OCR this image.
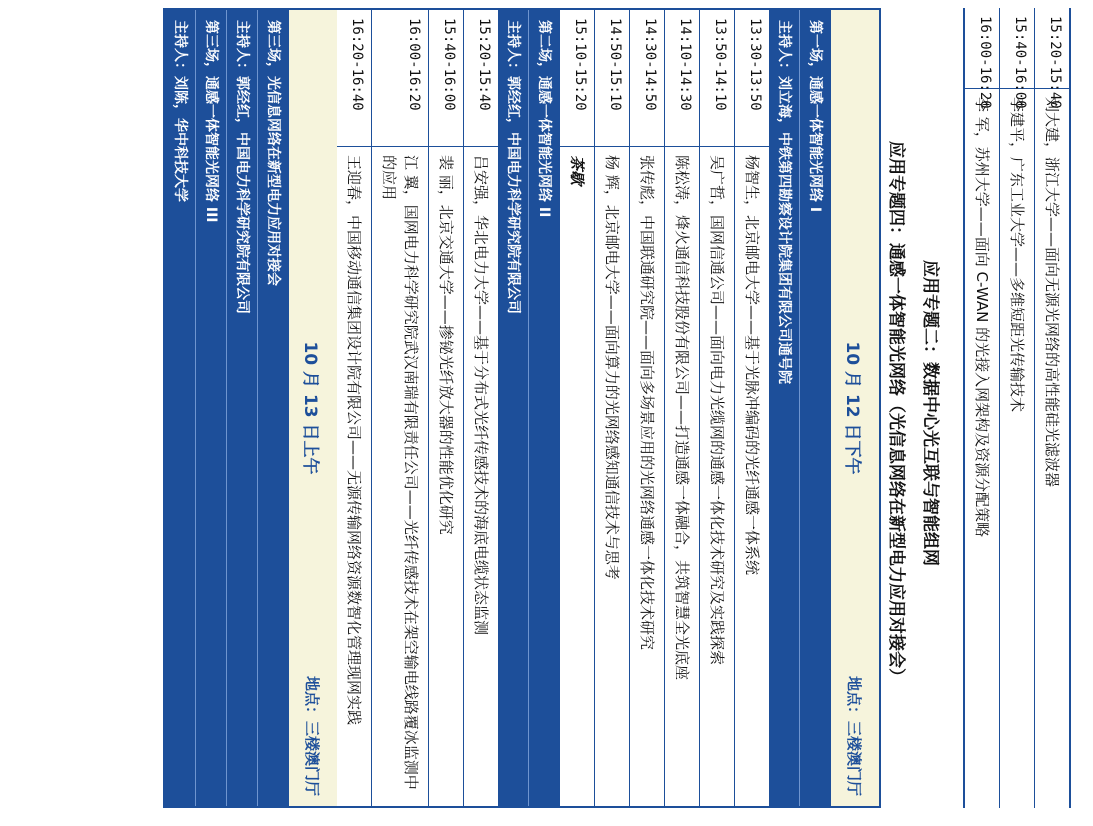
15:20-15:40
刘大建，浙江大学——面向无源光网络的高性能硅光滤波器
15:40-16:00
李建平，广东工业大学——多维短距光传输技术
16:00-16:20
李 军，苏州大学——面向 C-WAN 的光接入网架构及资源分配策略
应用专题二：数据中心光互联与智能组网
应用专题四：通感一体智能光网络（光信息网络在新型电力应用对接会）
10 月 12 日下午
地点：三楼澳门厅
第一场，通感一体智能光网络 I
主持人：刘立海，中铁第四勘察设计院集团有限公司通号院
13:30-13:50
杨智生，北京邮电大学——基于光脉冲编码的光纤通感一体系统
13:50-14:10
吴广哲，国网信通公司——面向电力光缆网的通感一体化技术研究及实践探索
14:10-14:30
陈松涛，烽火通信科技股份有限公司——打造通感一体融合，共筑智慧全光底座
14:30-14:50
张传彪，中国联通研究院——面向多场景应用的光网络通感一体化技术研究
14:50-15:10
杨 辉，北京邮电大学——面向算力的光网络感知通信技术与思考
15:10-15:20
茶歇
第二场，通感一体智能光网络 II
主持人：郭经红，中国电力科学研究院有限公司
15:20-15:40
吕安强，华北电力大学——基于分布式光纤传感技术的海底电缆状态监测
15:40-16:00
裴 丽，北京交通大学——掺铋光纤放大器的性能优化研究
16:00-16:20
江 翼，国网电力科学研究院武汉南瑞有限责任公司——光纤传感技术在架空输电线路覆冰监测中的应用
16:20-16:40
王迎春，中国移动通信集团设计院有限公司——无源传输网络资源数智化管理现网实践
10 月 13 日上午
地点：三楼澳门厅
第三场，光信息网络在新型电力应用对接会
主持人：郭经红，中国电力科学研究院有限公司
第三场，通感一体智能光网络 III
主持人：刘陈，华中科技大学
